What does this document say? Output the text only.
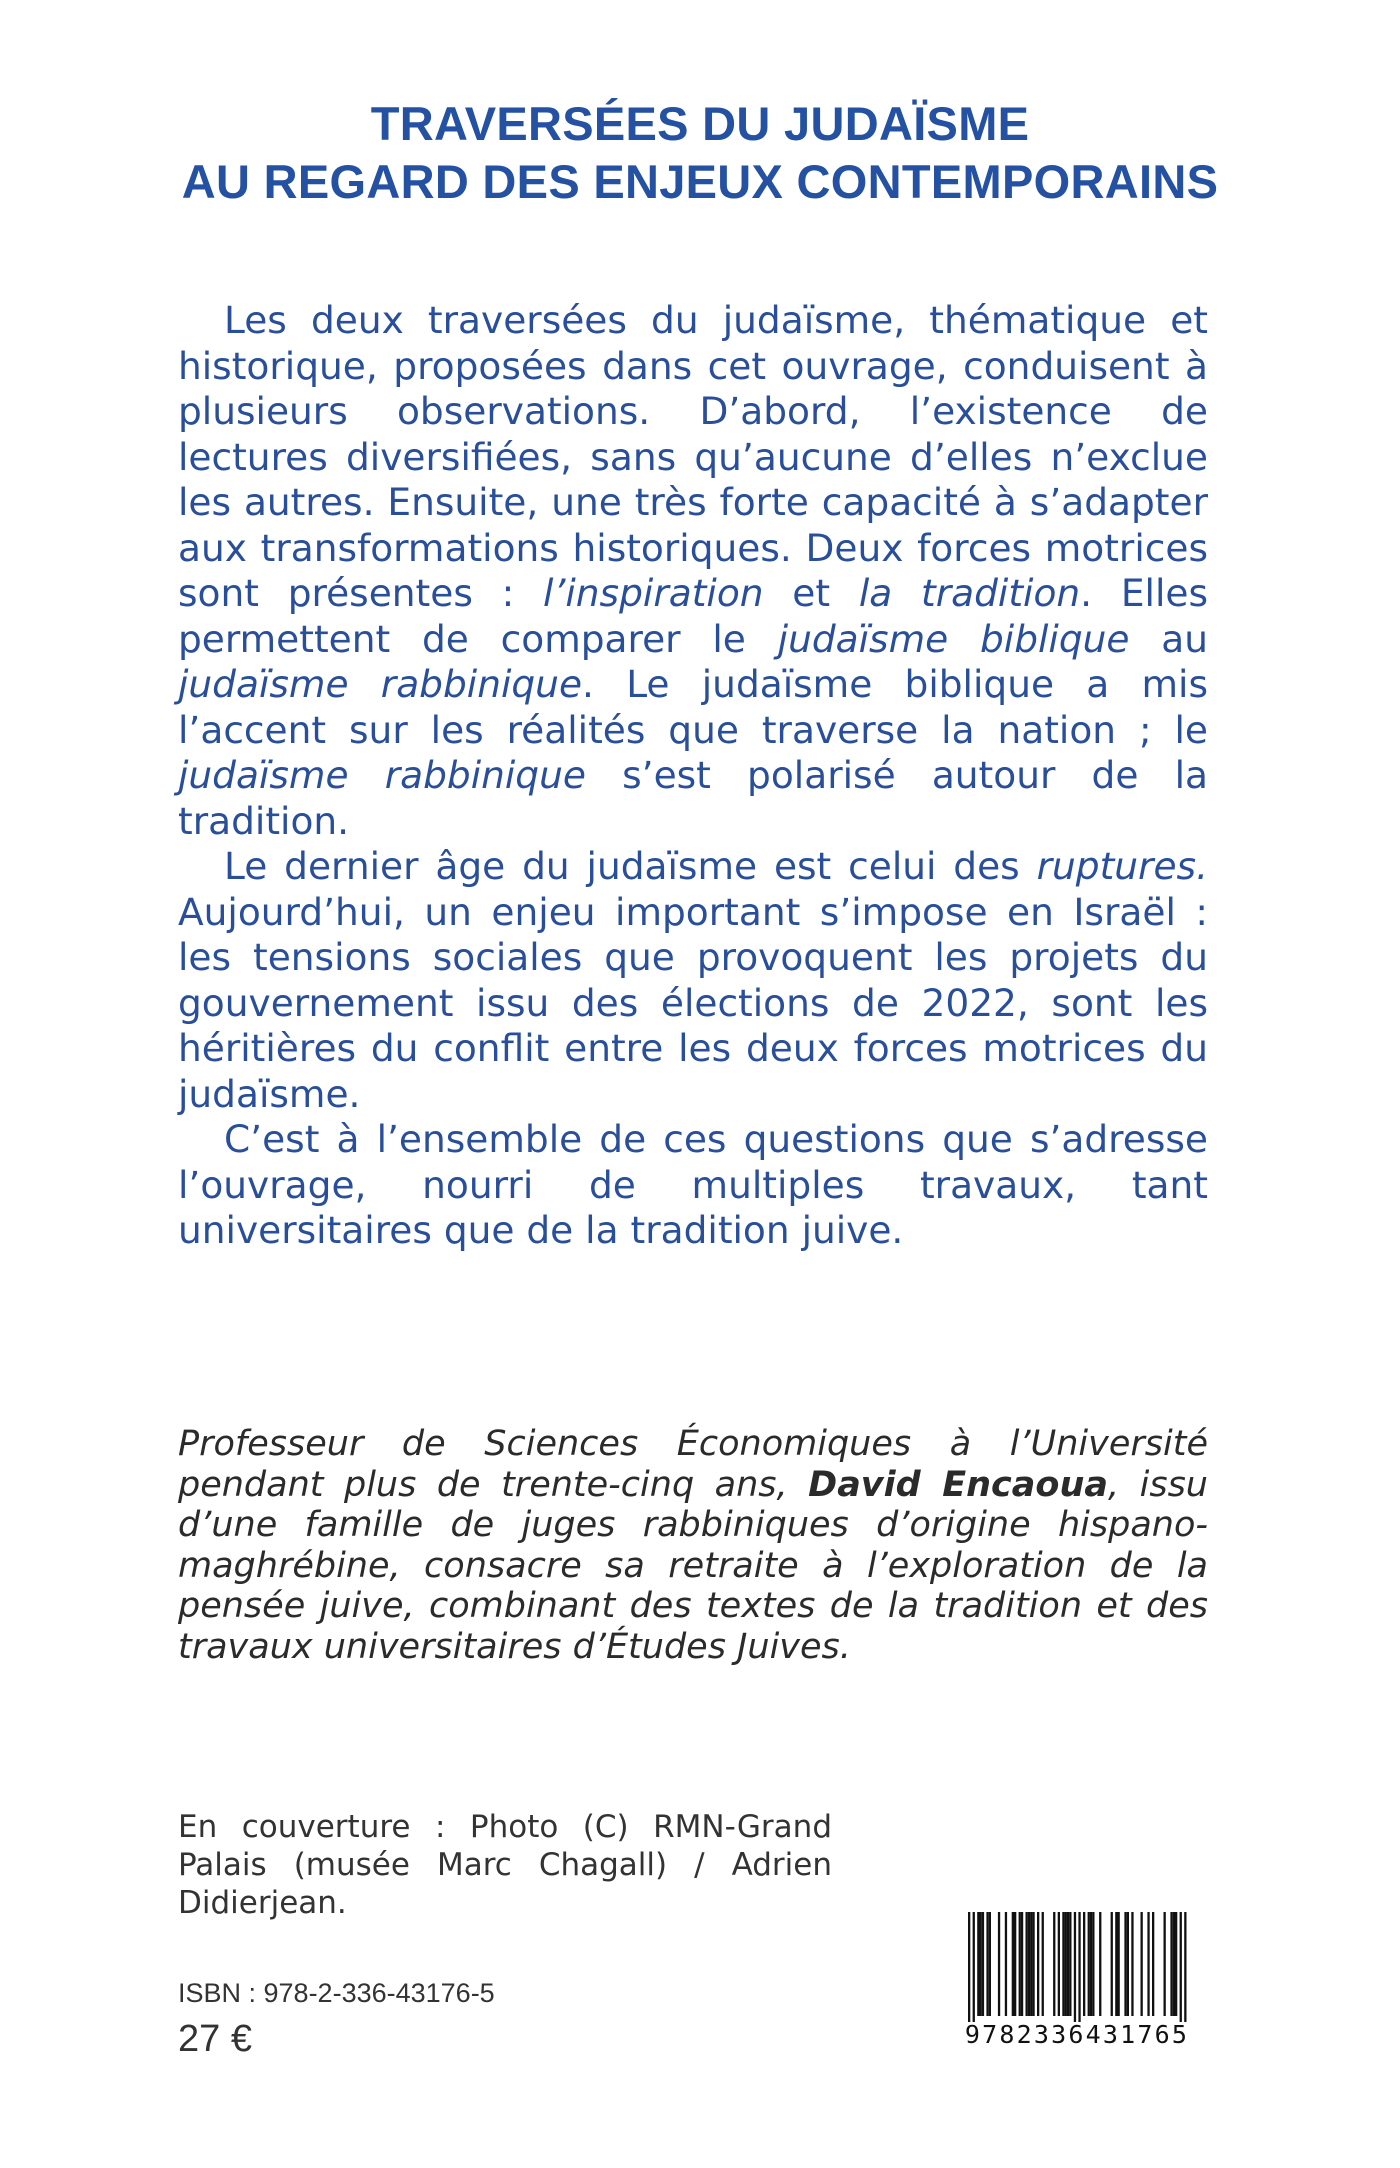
TRAVERSÉES DU JUDAÏSME
AU REGARD DES ENJEUX CONTEMPORAINS

Les deux traversées du judaïsme, thématique et historique, proposées dans cet ouvrage, conduisent à plusieurs observations. D’abord, l’existence de lectures diversifiées, sans qu’aucune d’elles n’exclue les autres. Ensuite, une très forte capacité à s’adapter aux transformations historiques. Deux forces motrices sont présentes : l’inspiration et la tradition. Elles permettent de comparer le judaïsme biblique au judaïsme rabbinique. Le judaïsme biblique a mis l’accent sur les réalités que traverse la nation ; le judaïsme rabbinique s’est polarisé autour de la tradition.

Le dernier âge du judaïsme est celui des ruptures. Aujourd’hui, un enjeu important s’impose en Israël : les tensions sociales que provoquent les projets du gouvernement issu des élections de 2022, sont les héritières du conflit entre les deux forces motrices du judaïsme.

C’est à l’ensemble de ces questions que s’adresse l’ouvrage, nourri de multiples travaux, tant universitaires que de la tradition juive.

Professeur de Sciences Économiques à l’Université pendant plus de trente-cinq ans, David Encaoua, issu d’une famille de juges rabbiniques d’origine hispano-maghrébine, consacre sa retraite à l’exploration de la pensée juive, combinant des textes de la tradition et des travaux universitaires d’Études Juives.
En couverture : Photo (C) RMN-Grand Palais (musée Marc Chagall) / Adrien Didierjean.
ISBN : 978-2-336-43176-5
27 €	9782336431765
